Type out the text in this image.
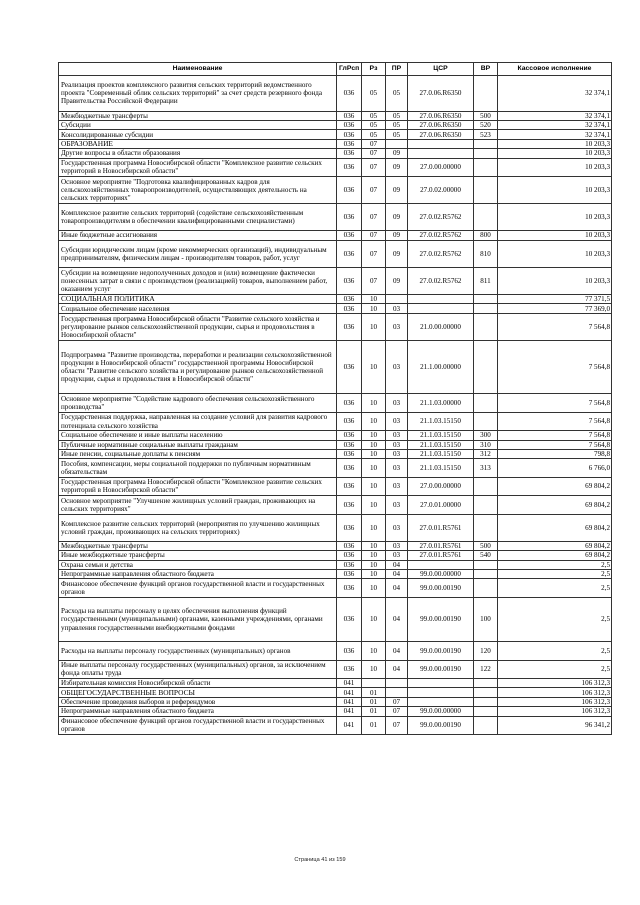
Наименование	ГлРсп	Рз	ПР	ЦСР	ВР	Кассовое исполнение
Реализация проектов комплексного развития сельских территорий ведомственного проекта "Современный облик сельских территорий" за счет средств резервного фонда Правительства Российской Федерации	036	05	05	27.0.06.R6350		32 374,1
Межбюджетные трансферты	036	05	05	27.0.06.R6350	500	32 374,1
Субсидии	036	05	05	27.0.06.R6350	520	32 374,1
Консолидированные субсидии	036	05	05	27.0.06.R6350	523	32 374,1
ОБРАЗОВАНИЕ	036	07				10 203,3
Другие вопросы в области образования	036	07	09			10 203,3
Государственная программа Новосибирской области "Комплексное развитие сельских территорий в Новосибирской области"	036	07	09	27.0.00.00000		10 203,3
Основное мероприятие "Подготовка квалифицированных кадров для сельскохозяйственных товаропроизводителей, осуществляющих деятельность на сельских территориях"	036	07	09	27.0.02.00000		10 203,3
Комплексное развитие сельских территорий (содействие сельскохозяйственным товаропроизводителям в обеспечении квалифицированными специалистами)	036	07	09	27.0.02.R5762		10 203,3
Иные бюджетные ассигнования	036	07	09	27.0.02.R5762	800	10 203,3
Субсидии юридическим лицам (кроме некоммерческих организаций), индивидуальным предпринимателям, физическим лицам - производителям товаров, работ, услуг	036	07	09	27.0.02.R5762	810	10 203,3
Субсидии на возмещение недополученных доходов и (или) возмещение фактически понесенных затрат в связи с производством (реализацией) товаров, выполнением работ, оказанием услуг	036	07	09	27.0.02.R5762	811	10 203,3
СОЦИАЛЬНАЯ ПОЛИТИКА	036	10				77 371,5
Социальное обеспечение населения	036	10	03			77 369,0
Государственная программа Новосибирской области "Развитие сельского хозяйства и регулирование рынков сельскохозяйственной продукции, сырья и продовольствия в Новосибирской области"	036	10	03	21.0.00.00000		7 564,8
Подпрограмма "Развитие производства, переработки и реализации сельскохозяйственной продукции в Новосибирской области" государственной программы Новосибирской области "Развитие сельского хозяйства и регулирование рынков сельскохозяйственной продукции, сырья и продовольствия в Новосибирской области"	036	10	03	21.1.00.00000		7 564,8
Основное мероприятие "Содействие кадрового обеспечения сельскохозяйственного производства"	036	10	03	21.1.03.00000		7 564,8
Государственная поддержка, направленная на создание условий для развития кадрового потенциала сельского хозяйства	036	10	03	21.1.03.15150		7 564,8
Социальное обеспечение и иные выплаты населению	036	10	03	21.1.03.15150	300	7 564,8
Публичные нормативные социальные выплаты гражданам	036	10	03	21.1.03.15150	310	7 564,8
Иные пенсии, социальные доплаты к пенсиям	036	10	03	21.1.03.15150	312	798,8
Пособия, компенсации, меры социальной поддержки по публичным нормативным обязательствам	036	10	03	21.1.03.15150	313	6 766,0
Государственная программа Новосибирской области "Комплексное развитие сельских территорий в Новосибирской области"	036	10	03	27.0.00.00000		69 804,2
Основное мероприятие "Улучшение жилищных условий граждан, проживающих на сельских территориях"	036	10	03	27.0.01.00000		69 804,2
Комплексное развитие сельских территорий (мероприятия по улучшению жилищных условий граждан, проживающих на сельских территориях)	036	10	03	27.0.01.R5761		69 804,2
Межбюджетные трансферты	036	10	03	27.0.01.R5761	500	69 804,2
Иные межбюджетные трансферты	036	10	03	27.0.01.R5761	540	69 804,2
Охрана семьи и детства	036	10	04			2,5
Непрограммные направления областного бюджета	036	10	04	99.0.00.00000		2,5
Финансовое обеспечение функций органов государственной власти и государственных органов	036	10	04	99.0.00.00190		2,5
Расходы на выплаты персоналу в целях обеспечения выполнения функций государственными (муниципальными) органами, казенными учреждениями, органами управления государственными внебюджетными фондами	036	10	04	99.0.00.00190	100	2,5
Расходы на выплаты персоналу государственных (муниципальных) органов	036	10	04	99.0.00.00190	120	2,5
Иные выплаты персоналу государственных (муниципальных) органов, за исключением фонда оплаты труда	036	10	04	99.0.00.00190	122	2,5
Избирательная комиссия Новосибирской области	041					106 312,3
ОБЩЕГОСУДАРСТВЕННЫЕ ВОПРОСЫ	041	01				106 312,3
Обеспечение проведения выборов и референдумов	041	01	07			106 312,3
Непрограммные направления областного бюджета	041	01	07	99.0.00.00000		106 312,3
Финансовое обеспечение функций органов государственной власти и государственных органов	041	01	07	99.0.00.00190		96 341,2
Страница 41 из 159
